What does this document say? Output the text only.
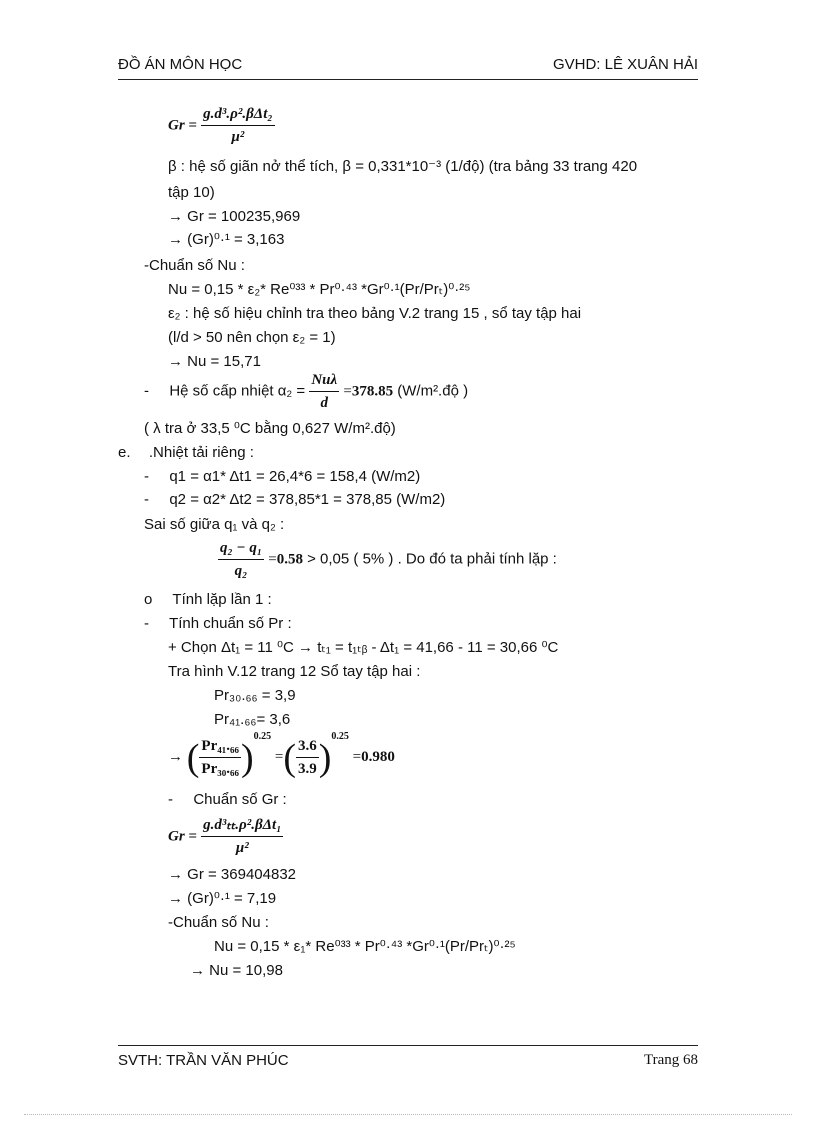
ĐỒ ÁN MÔN HỌC	GVHD: LÊ XUÂN HẢI
$Gr = \frac{\text{g.d³.ρ².βΔt₂}}{\text{μ²}}$
β : hệ số giãn nở thể tích, β = 0,331*10⁻³ (1/độ) (tra bảng 33 trang 420
tập 10)
→ Gr = 100235,969
→ (Gr)⁰·¹ = 3,163
-Chuẩn số Nu :
Nu = 0,15 * ε₂* Re⁰³³ * Pr⁰·⁴³ *Gr⁰·¹(Pr/Prₜ)⁰·²⁵
ε₂ : hệ số hiệu chỉnh tra theo bảng V.2 trang 15 , sổ tay tập hai
(l/d > 50 nên chọn ε₂ = 1)
→ Nu = 15,71
- Hệ số cấp nhiệt $\alpha_2 = \frac{\text{Nuλ}}{d} =378.85$ (W/m².độ )
( λ tra ở 33,5 ⁰C bằng 0,627 W/m².độ)
e. .Nhiệt tải riêng :
- q1 = α1* Δt1 = 26,4*6 = 158,4 (W/m2)
- q2 = α2* Δt2 = 378,85*1 = 378,85 (W/m2)
Sai số giữa q₁ và q₂ :
$\frac{\text{q₂ − q₁}}{\text{q₂}} =0.58 > 0,05$ ( 5% ) . Do đó ta phải tính lặp :
o Tính lặp lần 1 :
- Tính chuẩn số Pr :
+ Chọn Δt₁ = 11 ⁰C → tₜ₁ = t₁ₜᵦ - Δt₁ = 41,66 - 11 = 30,66 ⁰C
Tra hình V.12 trang 12 Sổ tay tập hai :
Pr₃₀.₆₆ = 3,9
Pr₄₁.₆₆= 3,6
→ ( $\frac{\text{Pr₄₁.₆₆}}{\text{Pr₃₀.₆₆}} )^{0.25}$ =( $\frac{3.6}{3.9} )^{0.25} =0.980$
- Chuẩn số Gr :
$Gr = \frac{\text{g.d³ₜₜ.ρ².βΔt₁}}{\text{μ²}}$
→ Gr = 369404832
→ (Gr)⁰·¹ = 7,19
-Chuẩn số Nu :
Nu = 0,15 * ε₁* Re⁰³³ * Pr⁰·⁴³ *Gr⁰·¹(Pr/Prₜ)⁰·²⁵
→ Nu = 10,98
SVTH: TRẦN VĂN PHÚC	Trang 68
